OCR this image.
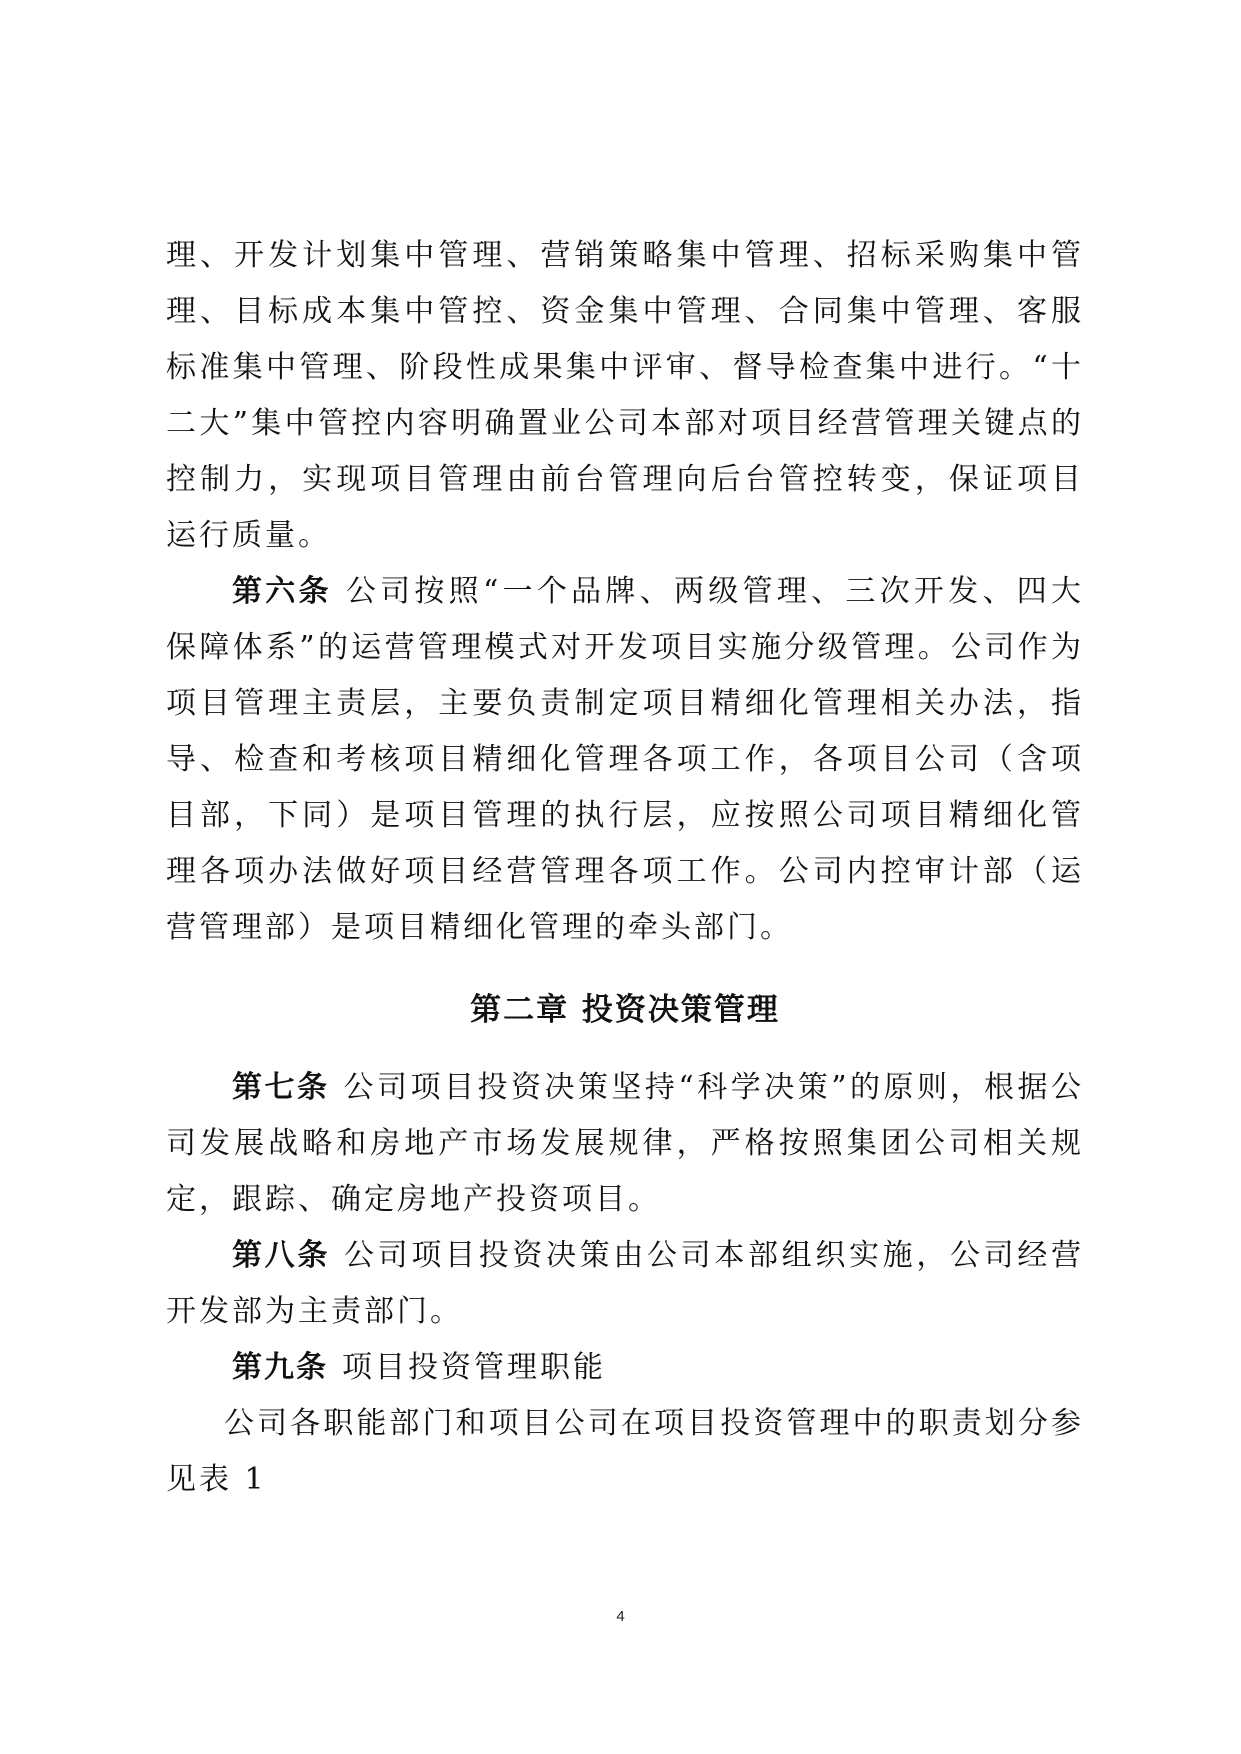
理、开发计划集中管理、营销策略集中管理、招标采购集中管理、目标成本集中管控、资金集中管理、合同集中管理、客服标准集中管理、阶段性成果集中评审、督导检查集中进行。“十二大”集中管控内容明确置业公司本部对项目经营管理关键点的控制力，实现项目管理由前台管理向后台管控转变，保证项目运行质量。

第六条 公司按照“一个品牌、两级管理、三次开发、四大保障体系”的运营管理模式对开发项目实施分级管理。公司作为项目管理主责层，主要负责制定项目精细化管理相关办法，指导、检查和考核项目精细化管理各项工作，各项目公司（含项目部，下同）是项目管理的执行层，应按照公司项目精细化管理各项办法做好项目经营管理各项工作。公司内控审计部（运营管理部）是项目精细化管理的牵头部门。

第二章 投资决策管理

第七条 公司项目投资决策坚持“科学决策”的原则，根据公司发展战略和房地产市场发展规律，严格按照集团公司相关规定，跟踪、确定房地产投资项目。

第八条 公司项目投资决策由公司本部组织实施，公司经营开发部为主责部门。

第九条 项目投资管理职能

公司各职能部门和项目公司在项目投资管理中的职责划分参见表 1

4
